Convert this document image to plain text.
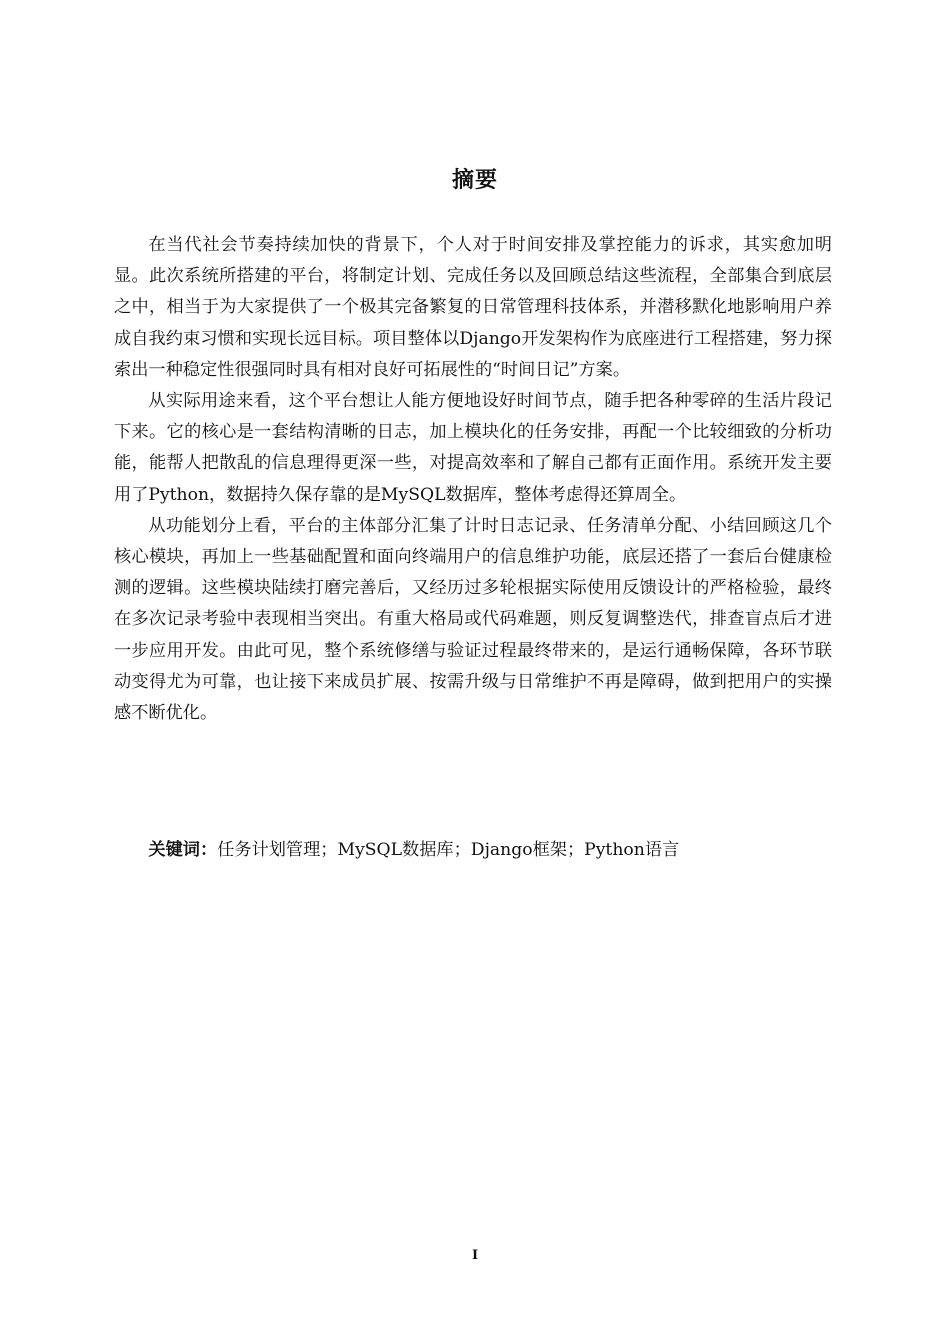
摘要

在当代社会节奏持续加快的背景下，个人对于时间安排及掌控能力的诉求，其实愈加明显。此次系统所搭建的平台，将制定计划、完成任务以及回顾总结这些流程，全部集合到底层之中，相当于为大家提供了一个极其完备繁复的日常管理科技体系，并潜移默化地影响用户养成自我约束习惯和实现长远目标。项目整体以Django开发架构作为底座进行工程搭建，努力探索出一种稳定性很强同时具有相对良好可拓展性的“时间日记”方案。

从实际用途来看，这个平台想让人能方便地设好时间节点，随手把各种零碎的生活片段记下来。它的核心是一套结构清晰的日志，加上模块化的任务安排，再配一个比较细致的分析功能，能帮人把散乱的信息理得更深一些，对提高效率和了解自己都有正面作用。系统开发主要用了Python，数据持久保存靠的是MySQL数据库，整体考虑得还算周全。

从功能划分上看，平台的主体部分汇集了计时日志记录、任务清单分配、小结回顾这几个核心模块，再加上一些基础配置和面向终端用户的信息维护功能，底层还搭了一套后台健康检测的逻辑。这些模块陆续打磨完善后，又经历过多轮根据实际使用反馈设计的严格检验，最终在多次记录考验中表现相当突出。有重大格局或代码难题，则反复调整迭代，排查盲点后才进一步应用开发。由此可见，整个系统修缮与验证过程最终带来的，是运行通畅保障，各环节联动变得尤为可靠，也让接下来成员扩展、按需升级与日常维护不再是障碍，做到把用户的实操感不断优化。

关键词：任务计划管理；MySQL数据库；Django框架；Python语言
I
